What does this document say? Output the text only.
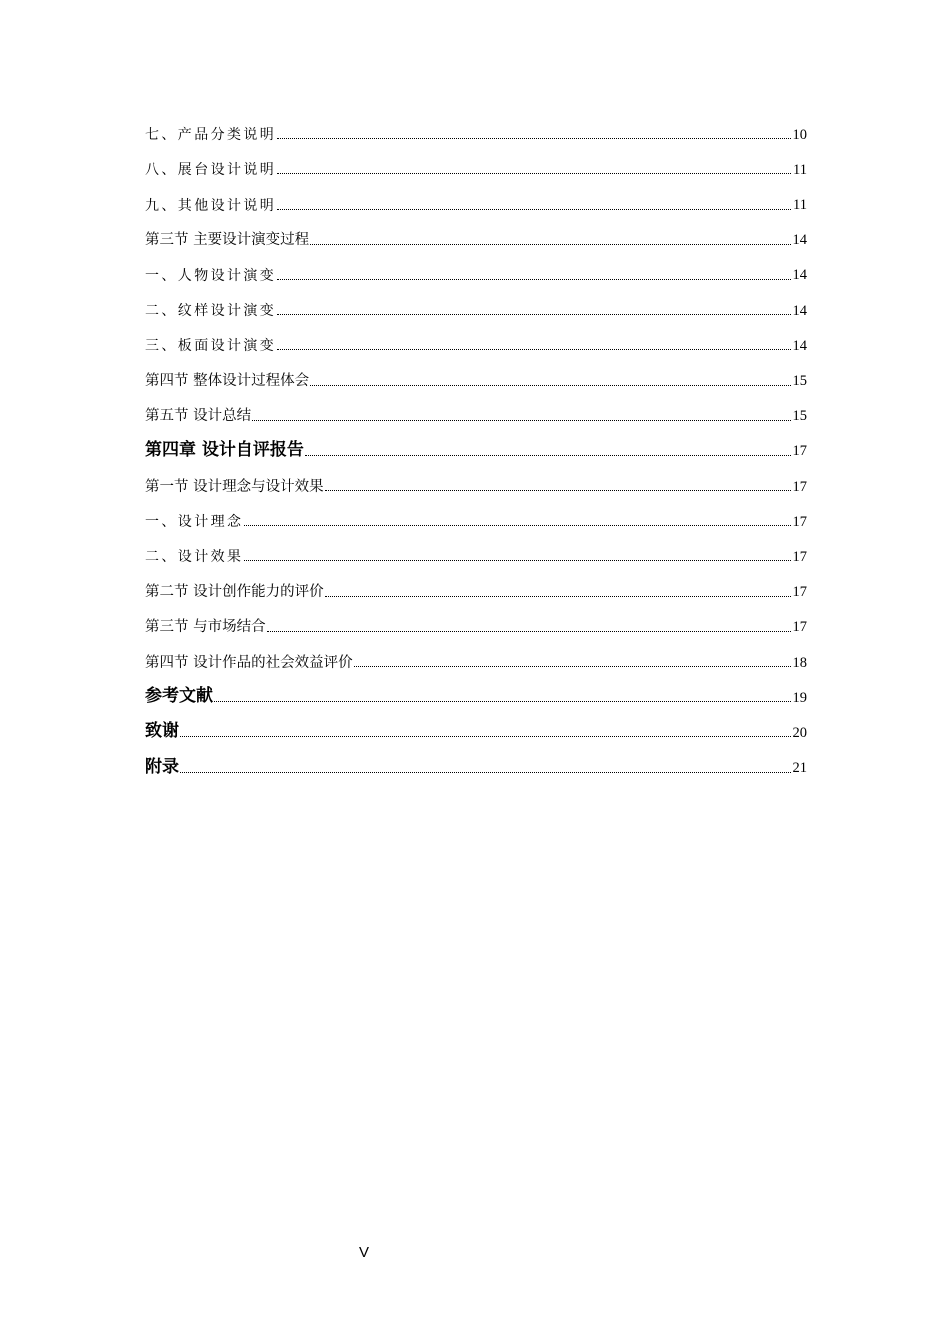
七、产品分类说明	10
八、展台设计说明	11
九、其他设计说明	11
第三节 主要设计演变过程	14
一、人物设计演变	14
二、纹样设计演变	14
三、板面设计演变	14
第四节 整体设计过程体会	15
第五节 设计总结	15
第四章 设计自评报告	17
第一节 设计理念与设计效果	17
一、设计理念	17
二、设计效果	17
第二节 设计创作能力的评价	17
第三节 与市场结合	17
第四节 设计作品的社会效益评价	18
参考文献	19
致谢	20
附录	21
V
